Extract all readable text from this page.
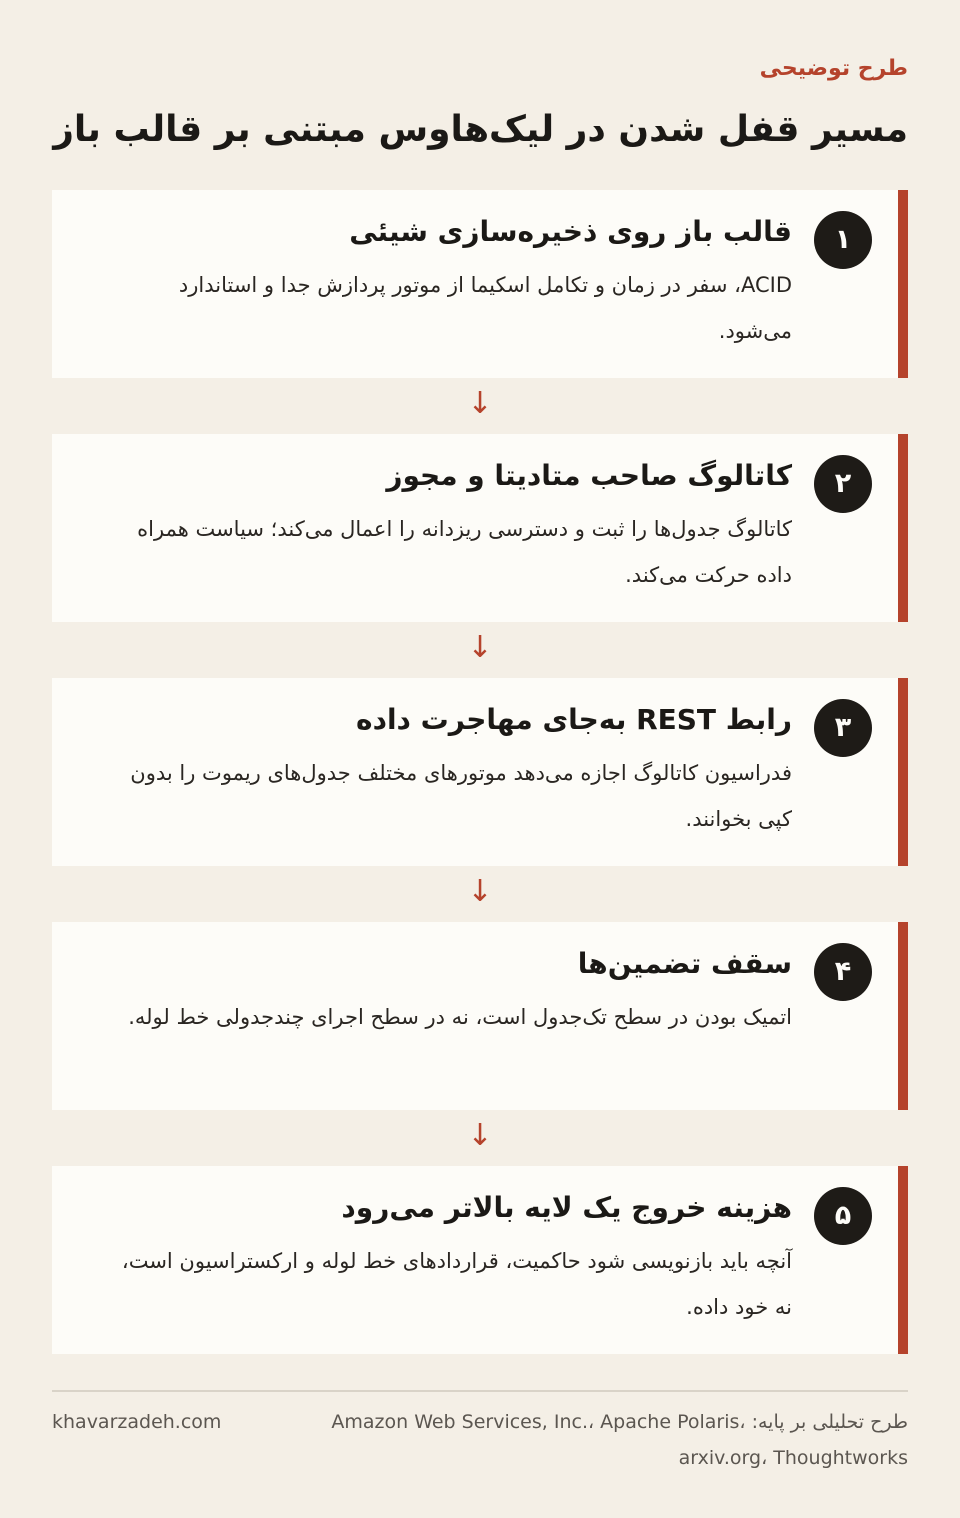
طرح توضیحی

مسیر قفل شدن در لیک‌هاوس مبتنی بر قالب باز
۱
قالب باز روی ذخیره‌سازی شیئی

ACID، سفر در زمان و تکامل اسکیما از موتور پردازش جدا و استاندارد می‌شود.

↓
۲
کاتالوگ صاحب متادیتا و مجوز

کاتالوگ جدول‌ها را ثبت و دسترسی ریزدانه را اعمال می‌کند؛ سیاست همراه داده حرکت می‌کند.

↓
۳
رابط REST به‌جای مهاجرت داده

فدراسیون کاتالوگ اجازه می‌دهد موتورهای مختلف جدول‌های ریموت را بدون کپی بخوانند.

↓
۴
سقف تضمین‌ها

اتمیک بودن در سطح تک‌جدول است، نه در سطح اجرای چندجدولی خط لوله.

↓
۵
هزینه خروج یک لایه بالاتر می‌رود

آنچه باید بازنویسی شود حاکمیت، قراردادهای خط لوله و ارکستراسیون است، نه خود داده.

طرح تحلیلی بر پایه: Amazon Web Services, Inc.، Apache Polaris، arxiv.org، Thoughtworks

khavarzadeh.com
